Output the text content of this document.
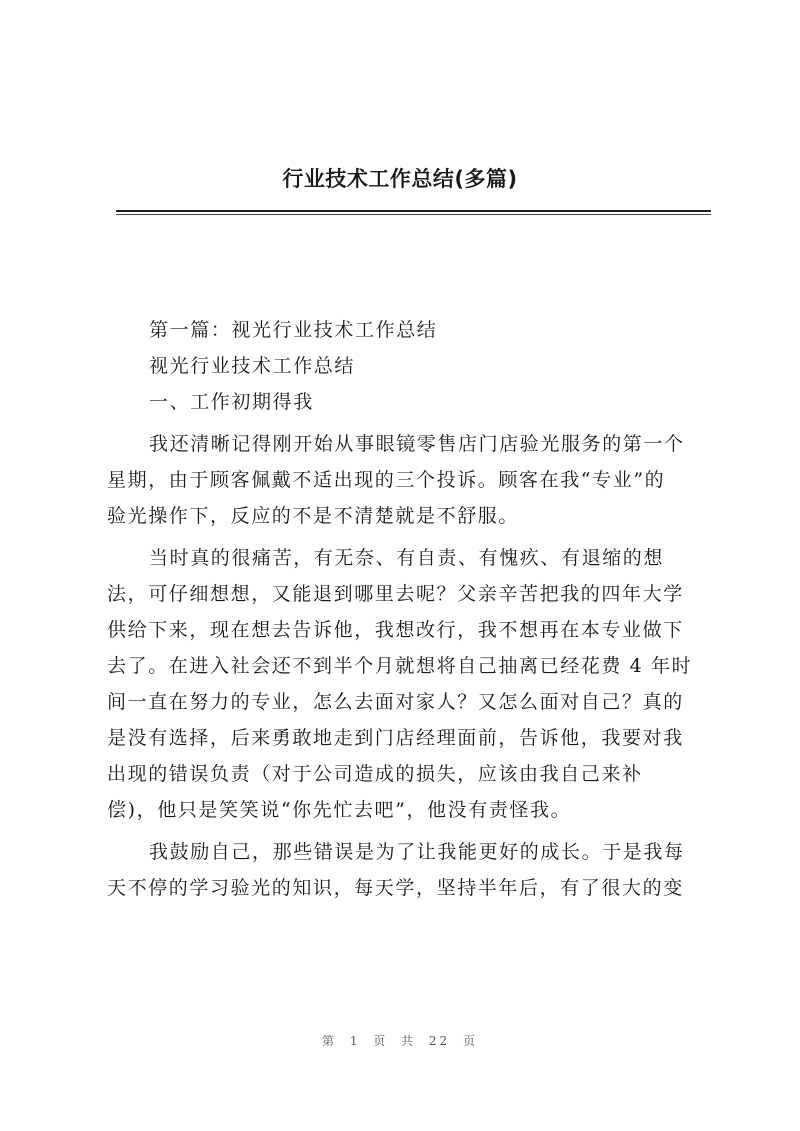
行业技术工作总结(多篇)
第一篇：视光行业技术工作总结
视光行业技术工作总结
一、工作初期得我
我还清晰记得刚开始从事眼镜零售店门店验光服务的第一个
星期，由于顾客佩戴不适出现的三个投诉。顾客在我“专业”的
验光操作下，反应的不是不清楚就是不舒服。
当时真的很痛苦，有无奈、有自责、有愧疚、有退缩的想
法，可仔细想想，又能退到哪里去呢？父亲辛苦把我的四年大学
供给下来，现在想去告诉他，我想改行，我不想再在本专业做下
去了。在进入社会还不到半个月就想将自己抽离已经花费 4 年时
间一直在努力的专业，怎么去面对家人？又怎么面对自己？真的
是没有选择，后来勇敢地走到门店经理面前，告诉他，我要对我
出现的错误负责（对于公司造成的损失，应该由我自己来补
偿)，他只是笑笑说“你先忙去吧”，他没有责怪我。
我鼓励自己，那些错误是为了让我能更好的成长。于是我每
天不停的学习验光的知识，每天学，坚持半年后，有了很大的变
第 1 页 共 22 页
